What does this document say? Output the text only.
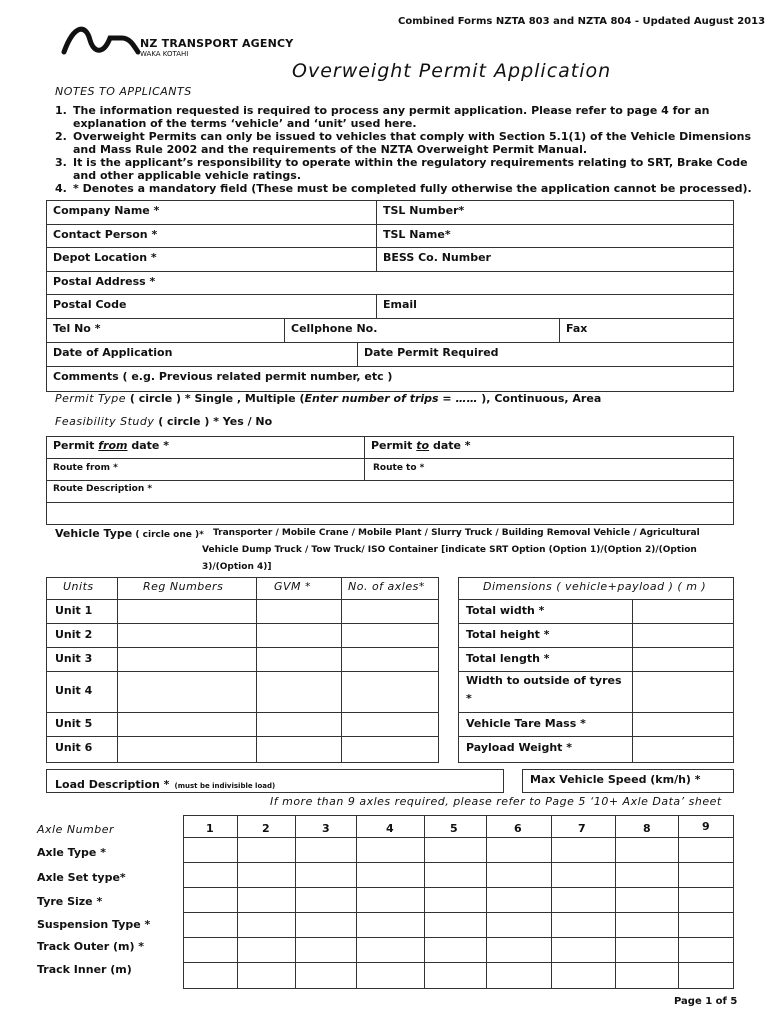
Combined Forms NZTA 803 and NZTA 804 - Updated August 2013
NZ TRANSPORT AGENCY
WAKA KOTAHI
Overweight Permit Application
NOTES TO APPLICANTS
1. The information requested is required to process any permit application. Please refer to page 4 for an
explanation of the terms ‘vehicle’ and ‘unit’ used here.
2. Overweight Permits can only be issued to vehicles that comply with Section 5.1(1) of the Vehicle Dimensions
and Mass Rule 2002 and the requirements of the NZTA Overweight Permit Manual.
3. It is the applicant’s responsibility to operate within the regulatory requirements relating to SRT, Brake Code
and other applicable vehicle ratings.
4. * Denotes a mandatory field (These must be completed fully otherwise the application cannot be processed).
Company Name *	TSL Number*
Contact Person *	TSL Name*
Depot Location *	BESS Co. Number
Postal Address *
Postal Code	Email
Tel No *	Cellphone No.	Fax
Date of Application	Date Permit Required
Comments ( e.g. Previous related permit number, etc )
Permit Type ( circle ) * Single , Multiple (Enter number of trips = …… ), Continuous, Area
Feasibility Study ( circle ) * Yes / No
Permit from date *	Permit to date *
Route from *	Route to *
Route Description *
Vehicle Type ( circle one )* Transporter / Mobile Crane / Mobile Plant / Slurry Truck / Building Removal Vehicle / Agricultural
Vehicle Dump Truck / Tow Truck/ ISO Container [indicate SRT Option (Option 1)/(Option 2)/(Option
3)/(Option 4)]
Units	Reg Numbers	GVM *	No. of axles*
Unit 1
Unit 2
Unit 3
Unit 4
Unit 5
Unit 6
Dimensions ( vehicle+payload ) ( m )
Total width *
Total height *
Total length *
Width to outside of tyres
*
Vehicle Tare Mass *
Payload Weight *
Load Description * (must be indivisible load)	Max Vehicle Speed (km/h) *
If more than 9 axles required, please refer to Page 5 ‘10+ Axle Data’ sheet
Axle Number	1	2	3	4	5	6	7	8	9
Axle Type *
Axle Set type*
Tyre Size *
Suspension Type *
Track Outer (m) *
Track Inner (m)
Page 1 of 5
